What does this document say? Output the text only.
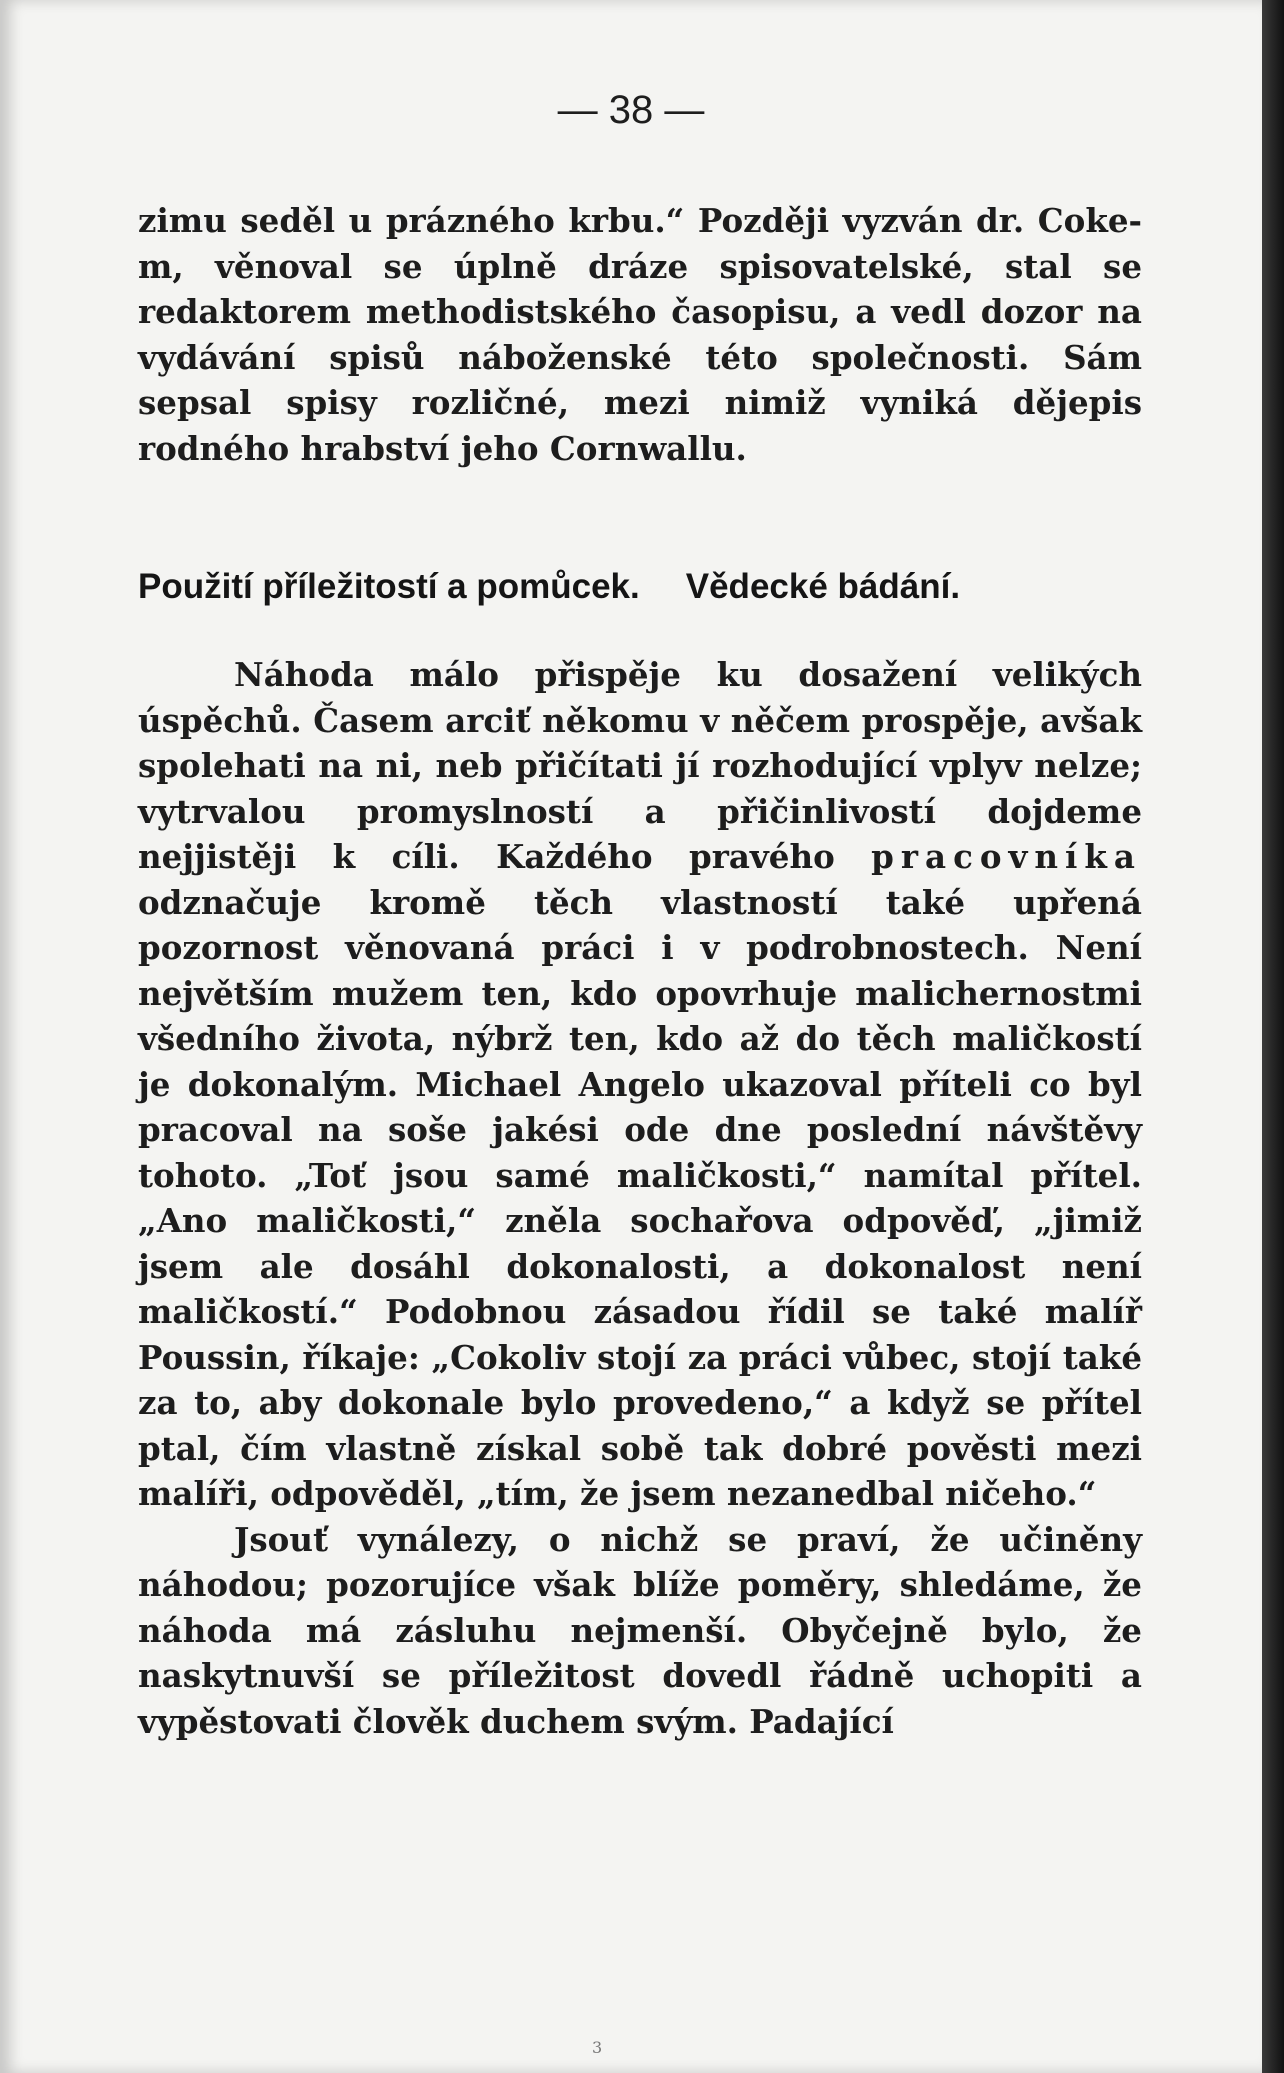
— 38 —

zimu seděl u prázného krbu.“ Později vyzván dr. Coke-m, věnoval se úplně dráze spisovatelské, stal se redaktorem methodistského časopisu, a vedl dozor na vydávání spisů náboženské této společnosti. Sám sepsal spisy rozličné, mezi nimiž vyniká dějepis rodného hrabství jeho Cornwallu.

Použití příležitostí a pomůcek. Vědecké bádání.

Náhoda málo přispěje ku dosažení velikých úspěchů. Časem arciť někomu v něčem prospěje, avšak spolehati na ni, neb přičítati jí rozhodující vplyv nelze; vytrvalou promyslností a přičinlivostí dojdeme nejjistěji k cíli. Každého pravého pracovníka odznačuje kromě těch vlastností také upřená pozornost věnovaná práci i v podrobnostech. Není největším mužem ten, kdo opovrhuje malichernostmi všedního života, nýbrž ten, kdo až do těch maličkostí je dokonalým. Michael Angelo ukazoval příteli co byl pracoval na soše jakési ode dne poslední návštěvy tohoto. „Toť jsou samé maličkosti,“ namítal přítel. „Ano maličkosti,“ zněla sochařova odpověď, „jimiž jsem ale dosáhl dokonalosti, a dokonalost není maličkostí.“ Podobnou zásadou řídil se také malíř Poussin, říkaje: „Cokoliv stojí za práci vůbec, stojí také za to, aby dokonale bylo provedeno,“ a když se přítel ptal, čím vlastně získal sobě tak dobré pověsti mezi malíři, odpověděl, „tím, že jsem nezanedbal ničeho.“

Jsouť vynálezy, o nichž se praví, že učiněny náhodou; pozorujíce však blíže poměry, shledáme, že náhoda má zásluhu nejmenší. Obyčejně bylo, že naskytnuvší se příležitost dovedl řádně uchopiti a vypěstovati člověk duchem svým. Padající

3
